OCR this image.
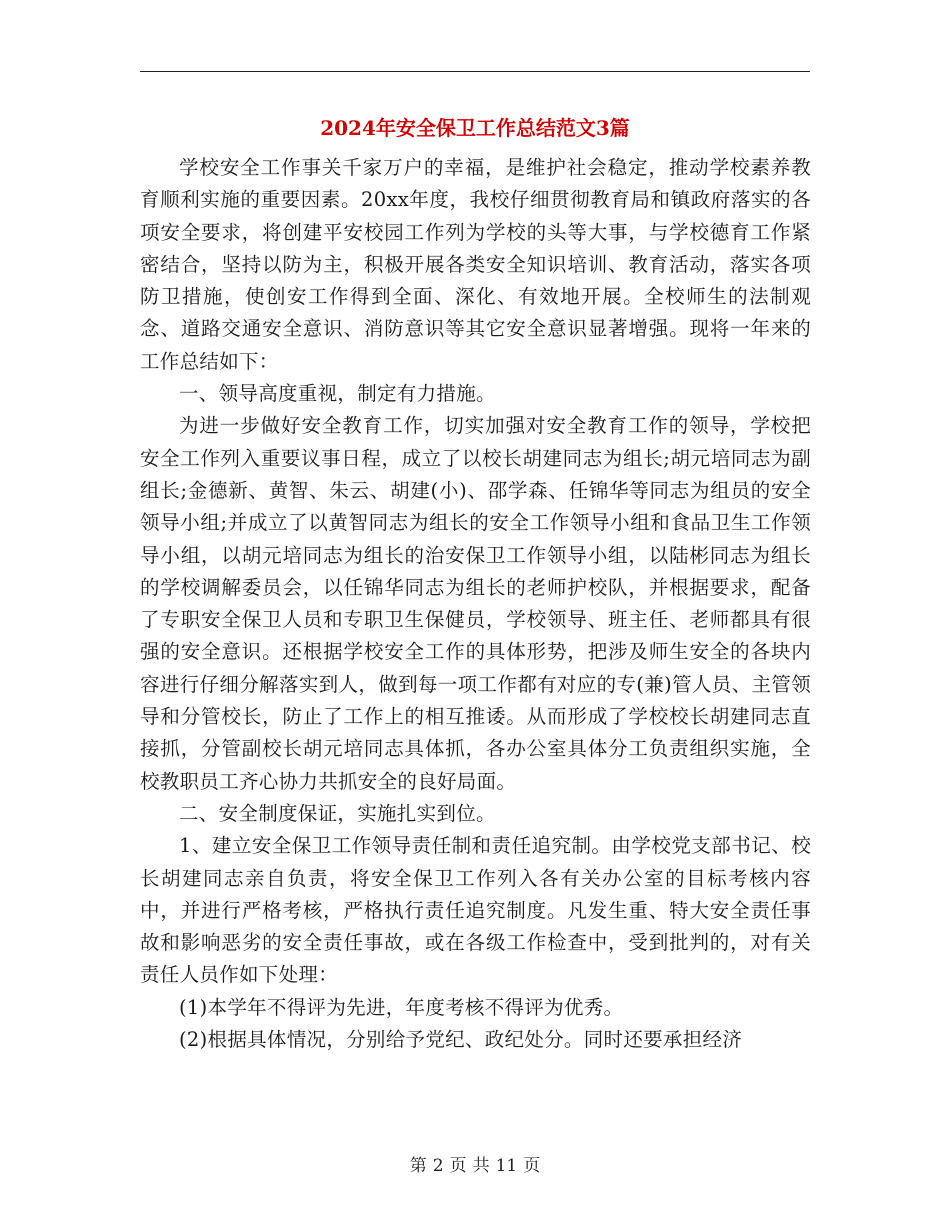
2024年安全保卫工作总结范文3篇

学校安全工作事关千家万户的幸福，是维护社会稳定，推动学校素养教育顺利实施的重要因素。20xx年度，我校仔细贯彻教育局和镇政府落实的各项安全要求，将创建平安校园工作列为学校的头等大事，与学校德育工作紧密结合，坚持以防为主，积极开展各类安全知识培训、教育活动，落实各项防卫措施，使创安工作得到全面、深化、有效地开展。全校师生的法制观念、道路交通安全意识、消防意识等其它安全意识显著增强。现将一年来的工作总结如下：

一、领导高度重视，制定有力措施。

为进一步做好安全教育工作，切实加强对安全教育工作的领导，学校把安全工作列入重要议事日程，成立了以校长胡建同志为组长;胡元培同志为副组长;金德新、黄智、朱云、胡建(小)、邵学森、任锦华等同志为组员的安全领导小组;并成立了以黄智同志为组长的安全工作领导小组和食品卫生工作领导小组，以胡元培同志为组长的治安保卫工作领导小组，以陆彬同志为组长的学校调解委员会，以任锦华同志为组长的老师护校队，并根据要求，配备了专职安全保卫人员和专职卫生保健员，学校领导、班主任、老师都具有很强的安全意识。还根据学校安全工作的具体形势，把涉及师生安全的各块内容进行仔细分解落实到人，做到每一项工作都有对应的专(兼)管人员、主管领导和分管校长，防止了工作上的相互推诿。从而形成了学校校长胡建同志直接抓，分管副校长胡元培同志具体抓，各办公室具体分工负责组织实施，全校教职员工齐心协力共抓安全的良好局面。

二、安全制度保证，实施扎实到位。

1、建立安全保卫工作领导责任制和责任追究制。由学校党支部书记、校长胡建同志亲自负责，将安全保卫工作列入各有关办公室的目标考核内容中，并进行严格考核，严格执行责任追究制度。凡发生重、特大安全责任事故和影响恶劣的安全责任事故，或在各级工作检查中，受到批判的，对有关责任人员作如下处理：

(1)本学年不得评为先进，年度考核不得评为优秀。

(2)根据具体情况，分别给予党纪、政纪处分。同时还要承担经济

第 2 页 共 11 页
